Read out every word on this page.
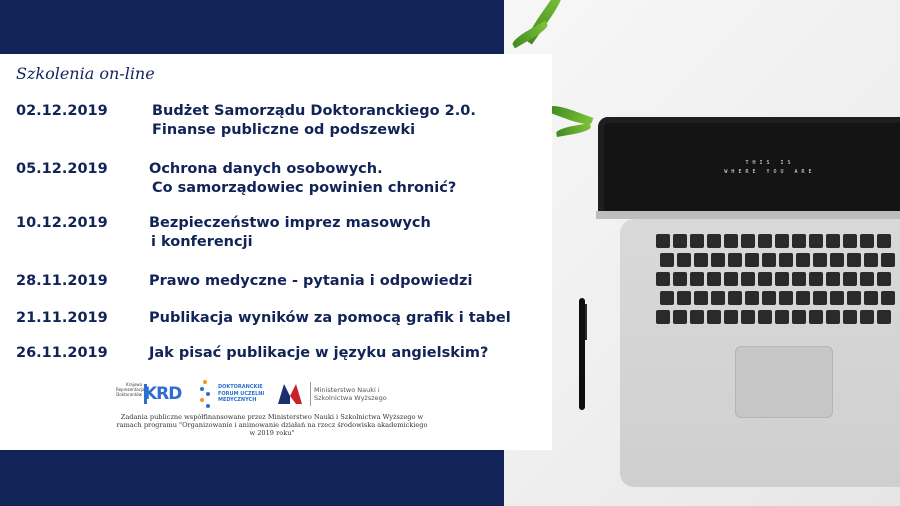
THIS IS
WHERE YOU ARE
Szkolenia on-line
02.12.2019	Budżet Samorządu Doktoranckiego 2.0.
Finanse publiczne od podszewki
05.12.2019	Ochrona danych osobowych.
Co samorządowiec powinien chronić?
10.12.2019	Bezpieczeństwo imprez masowych
i konferencji
28.11.2019	Prawo medyczne - pytania i odpowiedzi
21.11.2019	Publikacja wyników za pomocą grafik i tabel
26.11.2019	Jak pisać publikacje w języku angielskim?
Krajowa Reprezentacja Doktorantów KRD	DOKTORANCKIE FORUM UCZELNI MEDYCZNYCH
Ministerstwo Nauki i Szkolnictwa Wyższego
Zadania publiczne współfinansowane przez Ministerstwo Nauki i Szkolnictwa Wyższego w ramach programu "Organizowanie i animowanie działań na rzecz środowiska akademickiego w 2019 roku"
